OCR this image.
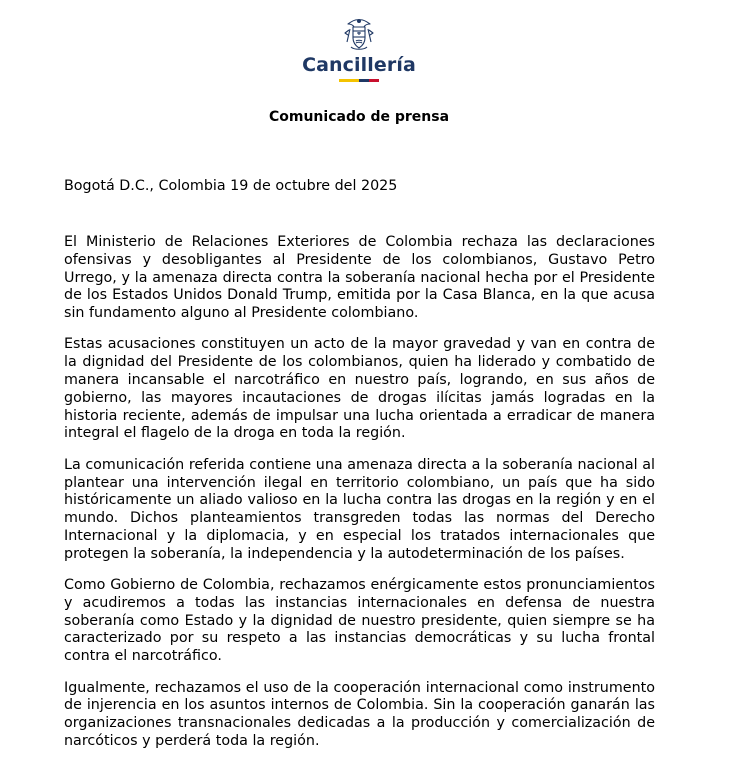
Cancillería
Comunicado de prensa
Bogotá D.C., Colombia 19 de octubre del 2025

El Ministerio de Relaciones Exteriores de Colombia rechaza las declaraciones ofensivas y desobligantes al Presidente de los colombianos, Gustavo Petro Urrego, y la amenaza directa contra la soberanía nacional hecha por el Presidente de los Estados Unidos Donald Trump, emitida por la Casa Blanca, en la que acusa sin fundamento alguno al Presidente colombiano.

Estas acusaciones constituyen un acto de la mayor gravedad y van en contra de la dignidad del Presidente de los colombianos, quien ha liderado y combatido de manera incansable el narcotráfico en nuestro país, logrando, en sus años de gobierno, las mayores incautaciones de drogas ilícitas jamás logradas en la historia reciente, además de impulsar una lucha orientada a erradicar de manera integral el flagelo de la droga en toda la región.

La comunicación referida contiene una amenaza directa a la soberanía nacional al plantear una intervención ilegal en territorio colombiano, un país que ha sido históricamente un aliado valioso en la lucha contra las drogas en la región y en el mundo. Dichos planteamientos transgreden todas las normas del Derecho Internacional y la diplomacia, y en especial los tratados internacionales que protegen la soberanía, la independencia y la autodeterminación de los países.

Como Gobierno de Colombia, rechazamos enérgicamente estos pronunciamientos y acudiremos a todas las instancias internacionales en defensa de nuestra soberanía como Estado y la dignidad de nuestro presidente, quien siempre se ha caracterizado por su respeto a las instancias democráticas y su lucha frontal contra el narcotráfico.

Igualmente, rechazamos el uso de la cooperación internacional como instrumento de injerencia en los asuntos internos de Colombia. Sin la cooperación ganarán las organizaciones transnacionales dedicadas a la producción y comercialización de narcóticos y perderá toda la región.
